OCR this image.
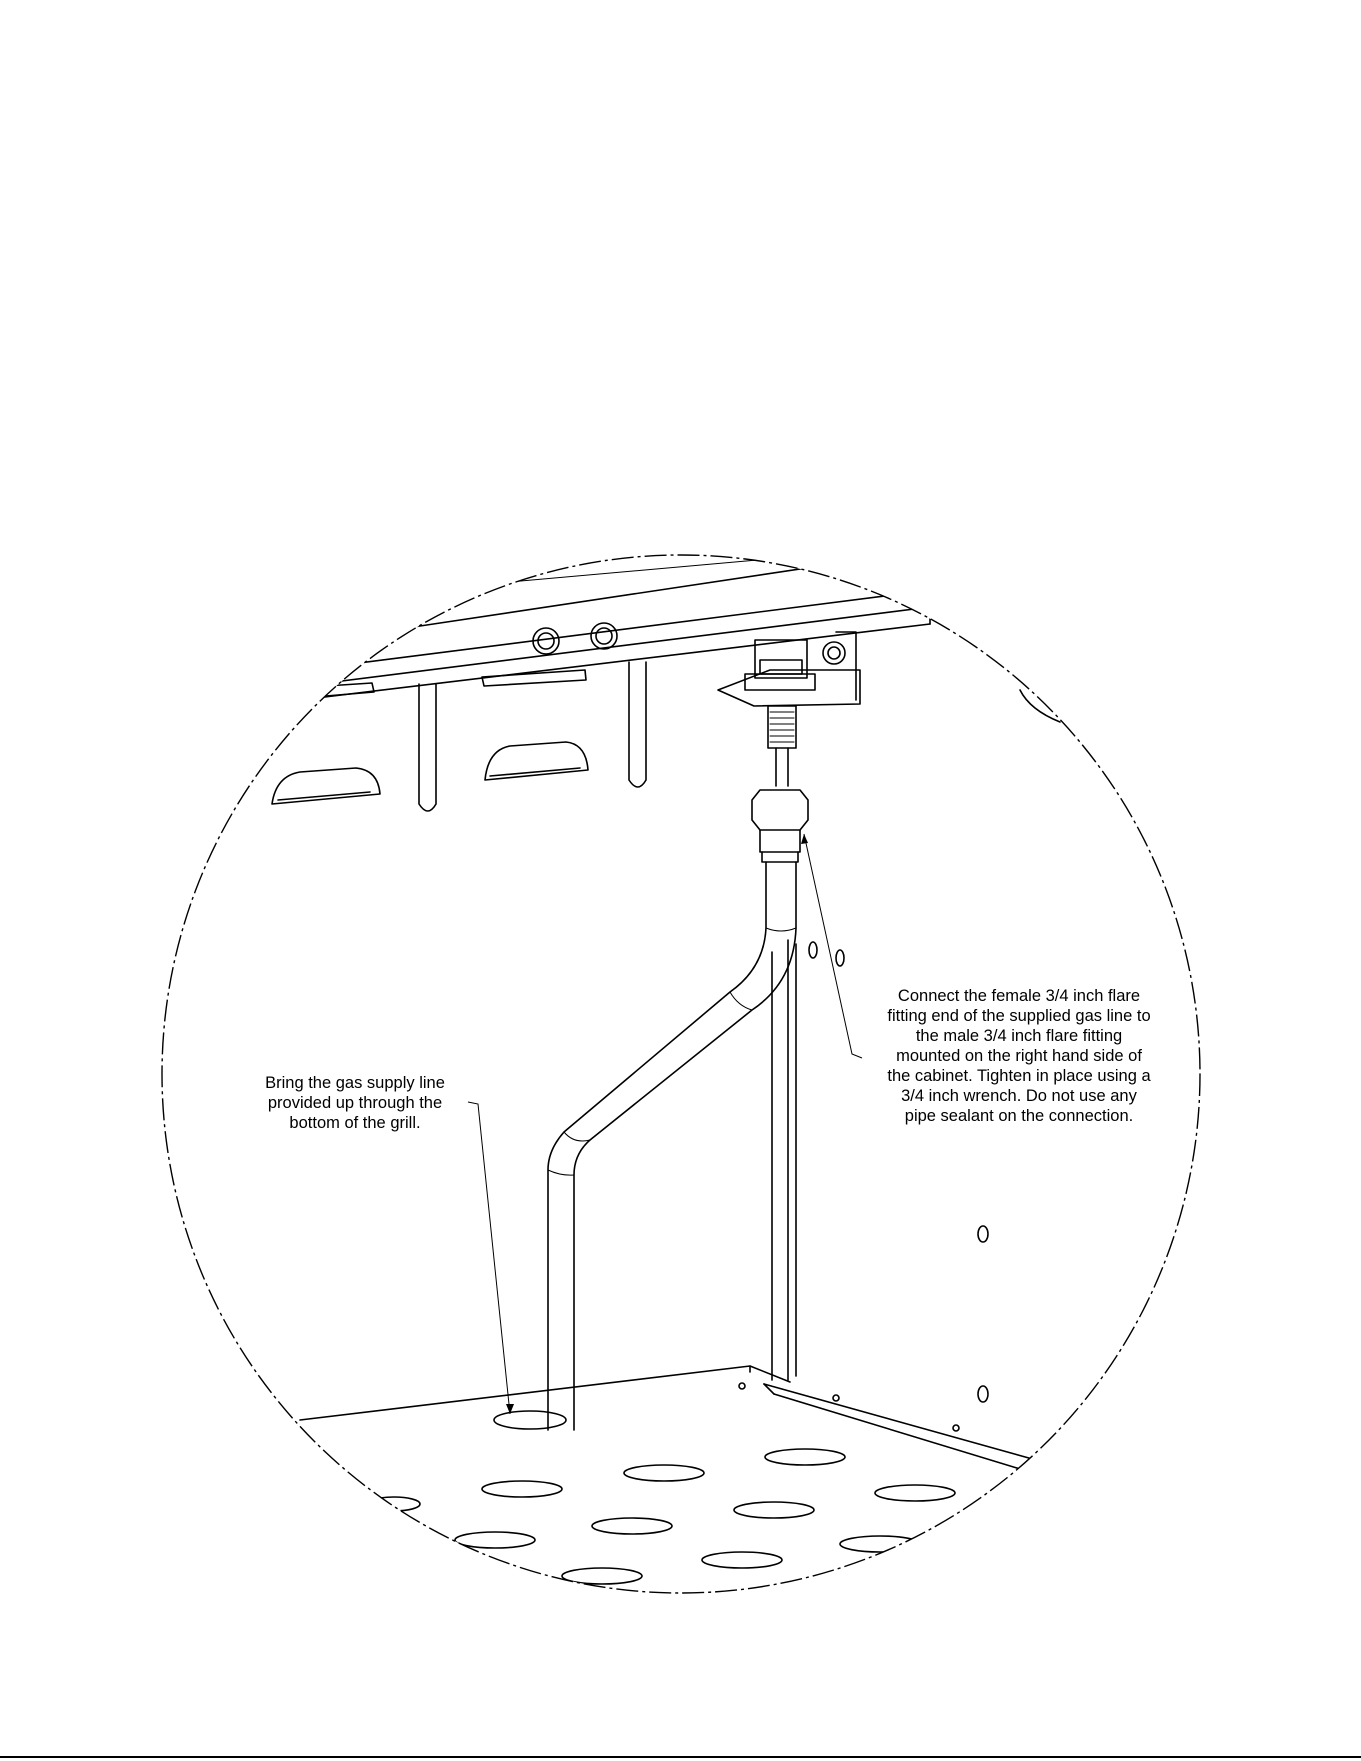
Bring the gas supply line
provided up through the
bottom of the grill.

Connect the female 3/4 inch flare
fitting end of the supplied gas line to
the male 3/4 inch flare fitting
mounted on the right hand side of
the cabinet. Tighten in place using a
3/4 inch wrench. Do not use any
pipe sealant on the connection.
